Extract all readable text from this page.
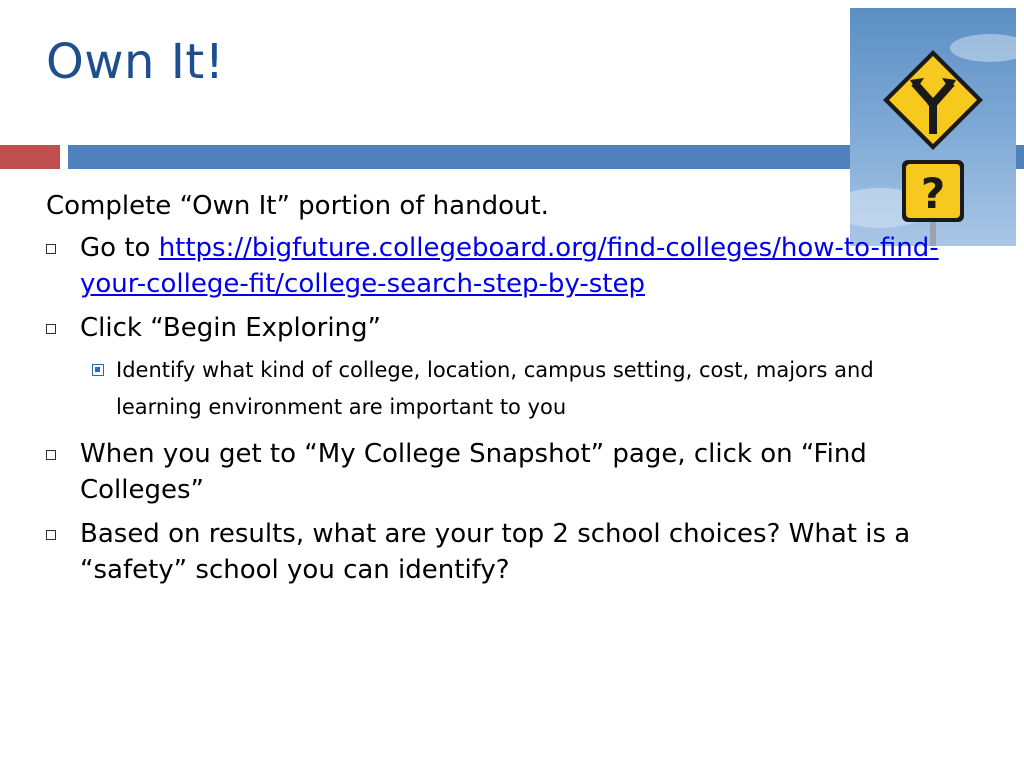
Own It!
?
Complete “Own It” portion of handout.
Go to https://bigfuture.collegeboard.org/find-colleges/how-to-find-your-college-fit/college-search-step-by-step
Click “Begin Exploring”
Identify what kind of college, location, campus setting, cost, majors and learning environment are important to you
When you get to “My College Snapshot” page, click on “Find Colleges”
Based on results, what are your top 2 school choices? What is a “safety” school you can identify?
